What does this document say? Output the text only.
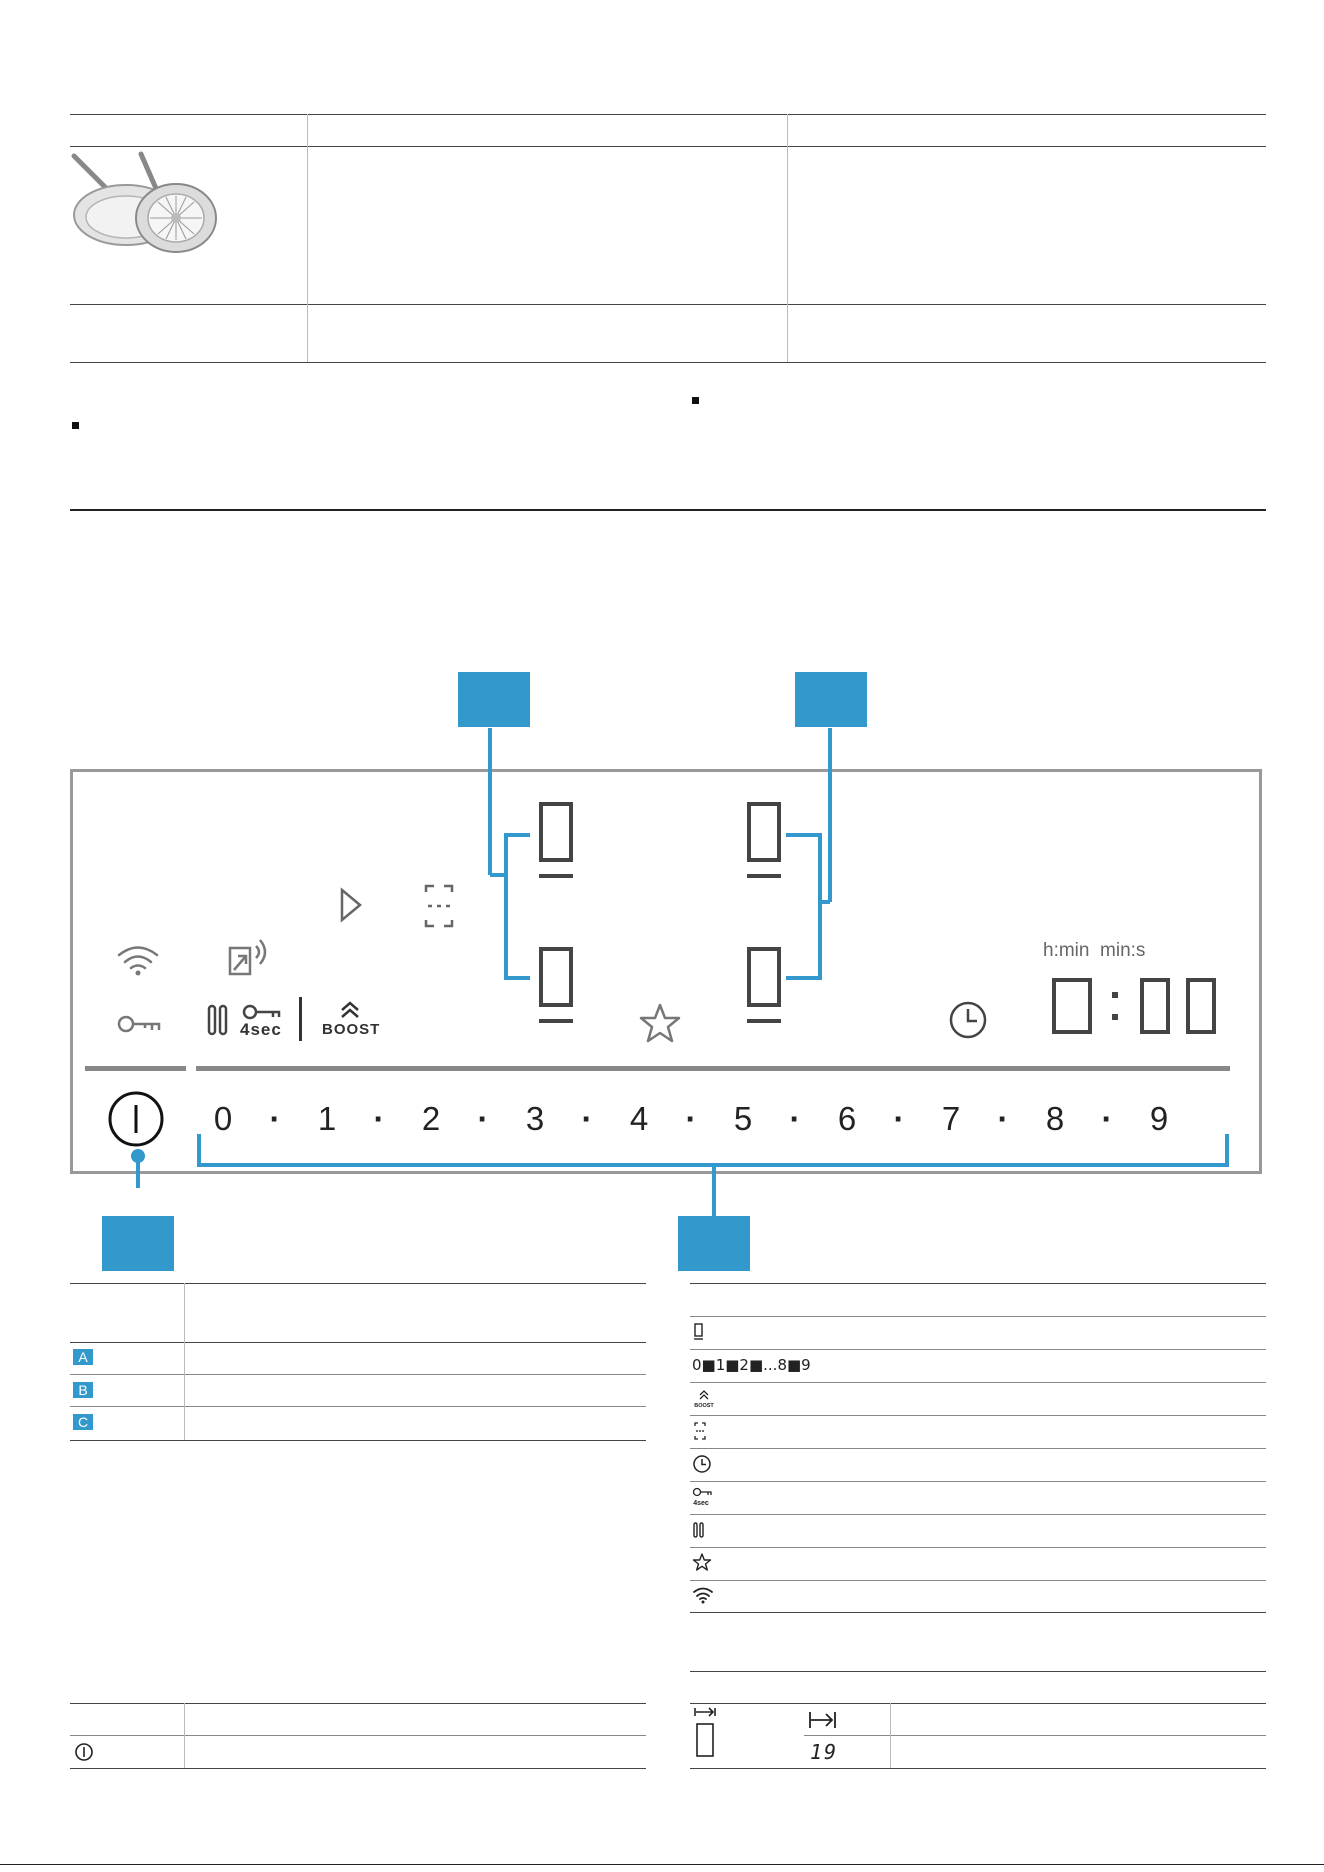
4sec	BOOST
h:min  min:s
0	·	1	·	2	·	3	·	4	·	5	·	6	·	7	·	8	·	9
A
B
C
0■1■2■...8■9
BOOST
4sec
19
